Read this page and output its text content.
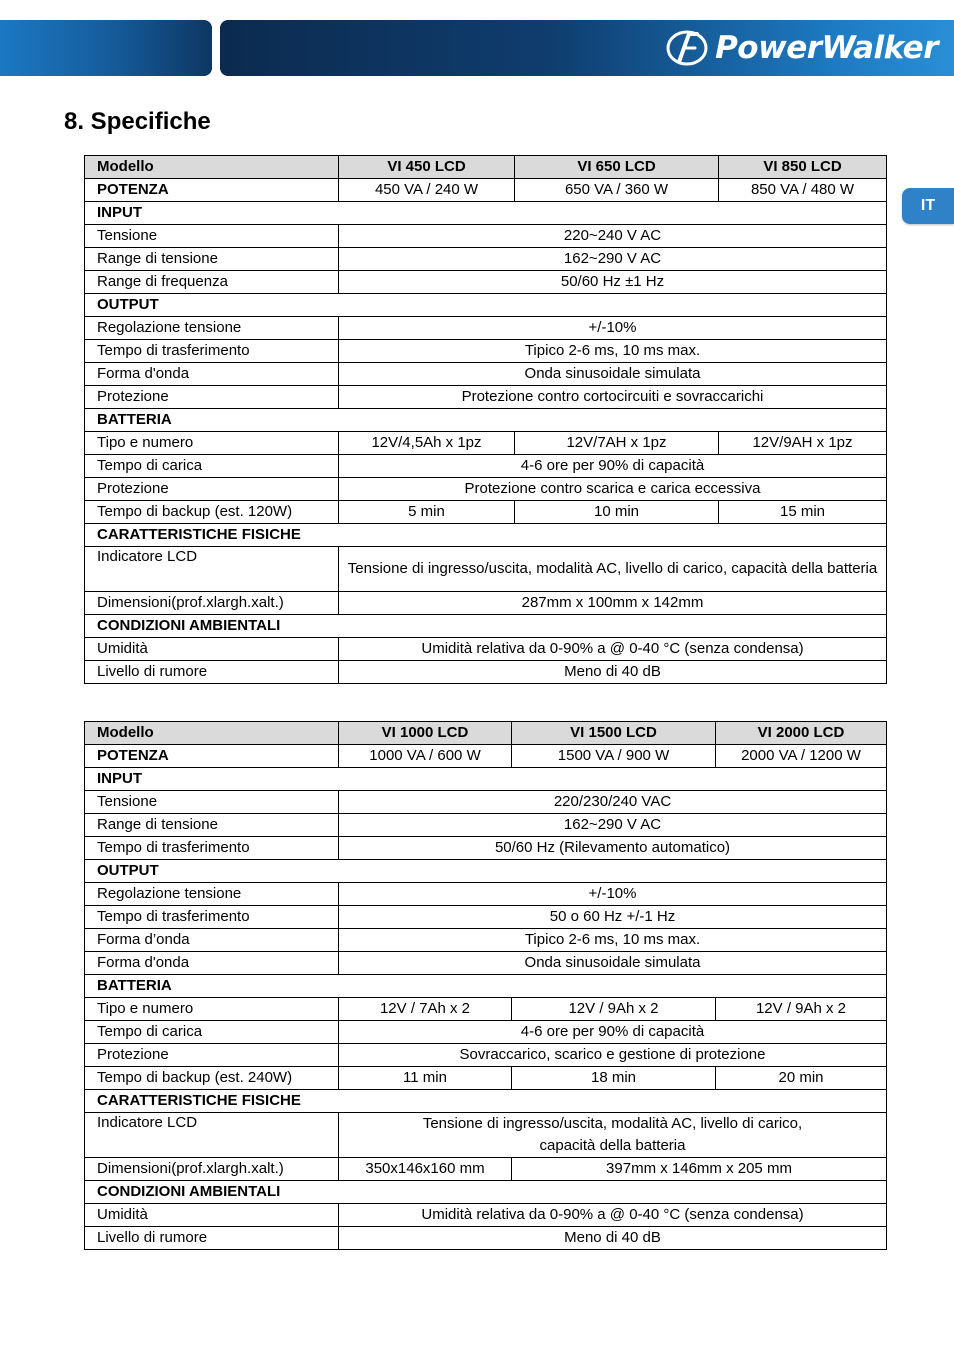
PowerWalker
8. Specifiche
IT
Modello	VI 450 LCD	VI 650 LCD	VI 850 LCD
POTENZA	450 VA / 240 W	650 VA / 360 W	850 VA / 480 W
INPUT			
Tensione	220~240 V AC		
Range di tensione	162~290 V AC		
Range di frequenza	50/60 Hz ±1 Hz		
OUTPUT			
Regolazione tensione	+/-10%		
Tempo di trasferimento	Tipico 2-6 ms, 10 ms max.		
Forma d'onda	Onda sinusoidale simulata		
Protezione	Protezione contro cortocircuiti e sovraccarichi		
BATTERIA			
Tipo e numero	12V/4,5Ah x 1pz	12V/7AH x 1pz	12V/9AH x 1pz
Tempo di carica	4-6 ore per 90% di capacità		
Protezione	Protezione contro scarica e carica eccessiva		
Tempo di backup (est. 120W)	5 min	10 min	15 min
CARATTERISTICHE FISICHE			
Indicatore LCD	Tensione di ingresso/uscita, modalità AC, livello di carico, capacità della batteria		
Dimensioni(prof.xlargh.xalt.)	287mm x 100mm x 142mm		
CONDIZIONI AMBIENTALI			
Umidità	Umidità relativa da 0-90% a @ 0-40 °C (senza condensa)		
Livello di rumore	Meno di 40 dB		
Modello	VI 1000 LCD	VI 1500 LCD	VI 2000 LCD
POTENZA	1000 VA / 600 W	1500 VA / 900 W	2000 VA / 1200 W
INPUT			
Tensione	220/230/240 VAC		
Range di tensione	162~290 V AC		
Tempo di trasferimento	50/60 Hz (Rilevamento automatico)		
OUTPUT			
Regolazione tensione	+/-10%		
Tempo di trasferimento	50 o 60 Hz +/-1 Hz		
Forma d’onda	Tipico 2-6 ms, 10 ms max.		
Forma d'onda	Onda sinusoidale simulata		
BATTERIA			
Tipo e numero	12V / 7Ah x 2	12V / 9Ah x 2	12V / 9Ah x 2
Tempo di carica	4-6 ore per 90% di capacità		
Protezione	Sovraccarico, scarico e gestione di protezione		
Tempo di backup (est. 240W)	11 min	18 min	20 min
CARATTERISTICHE FISICHE			
Indicatore LCD	Tensione di ingresso/uscita, modalità AC, livello di carico, capacità della batteria		
Dimensioni(prof.xlargh.xalt.)	350x146x160 mm	397mm x 146mm x 205 mm	
CONDIZIONI AMBIENTALI			
Umidità	Umidità relativa da 0-90% a @ 0-40 °C (senza condensa)		
Livello di rumore	Meno di 40 dB		
